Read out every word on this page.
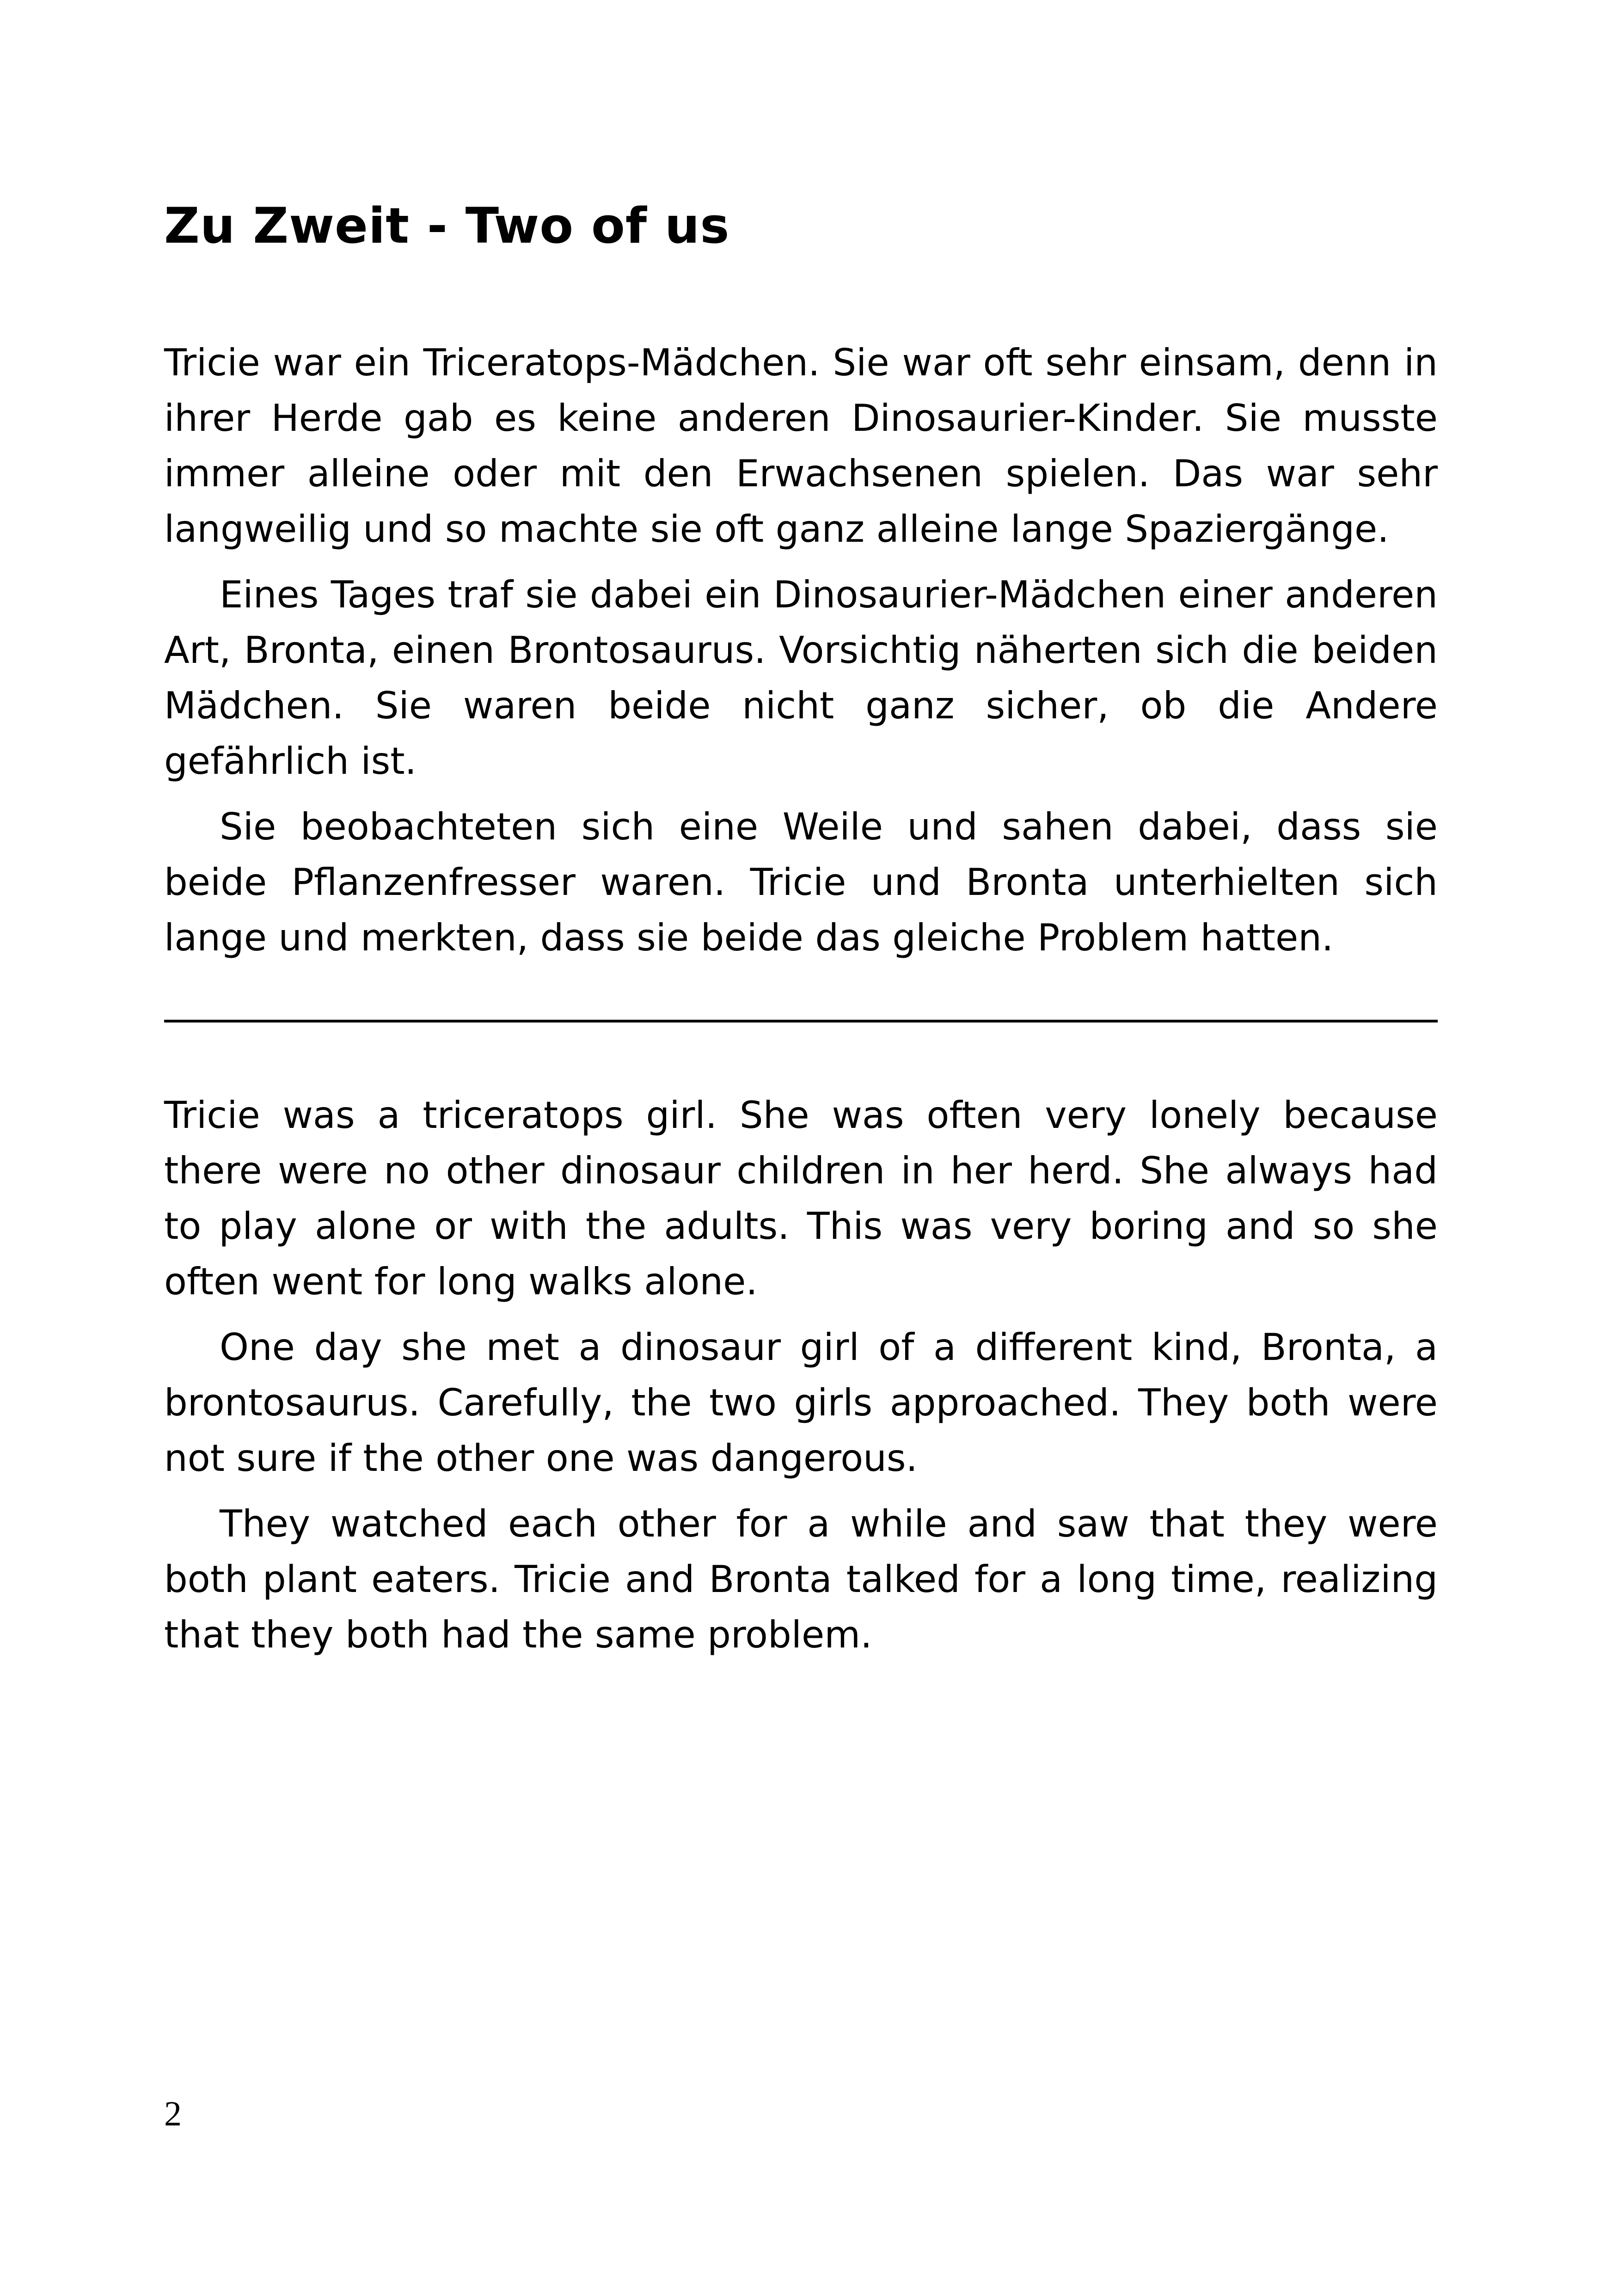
Zu Zweit - Two of us

Tricie war ein Triceratops-Mädchen. Sie war oft sehr einsam, denn in ihrer Herde gab es keine anderen Dinosaurier-Kinder. Sie musste immer alleine oder mit den Erwachsenen spielen. Das war sehr langweilig und so machte sie oft ganz alleine lange Spaziergänge.

Eines Tages traf sie dabei ein Dinosaurier-Mädchen einer anderen Art, Bronta, einen Brontosaurus. Vorsichtig näherten sich die beiden Mädchen. Sie waren beide nicht ganz sicher, ob die Andere gefährlich ist.

Sie beobachteten sich eine Weile und sahen dabei, dass sie beide Pflanzenfresser waren. Tricie und Bronta unterhielten sich lange und merkten, dass sie beide das gleiche Problem hatten.

Tricie was a triceratops girl. She was often very lonely because there were no other dinosaur children in her herd. She always had to play alone or with the adults. This was very boring and so she often went for long walks alone.

One day she met a dinosaur girl of a different kind, Bronta, a brontosaurus. Carefully, the two girls approached. They both were not sure if the other one was dangerous.

They watched each other for a while and saw that they were both plant eaters. Tricie and Bronta talked for a long time, realizing that they both had the same problem.

2
